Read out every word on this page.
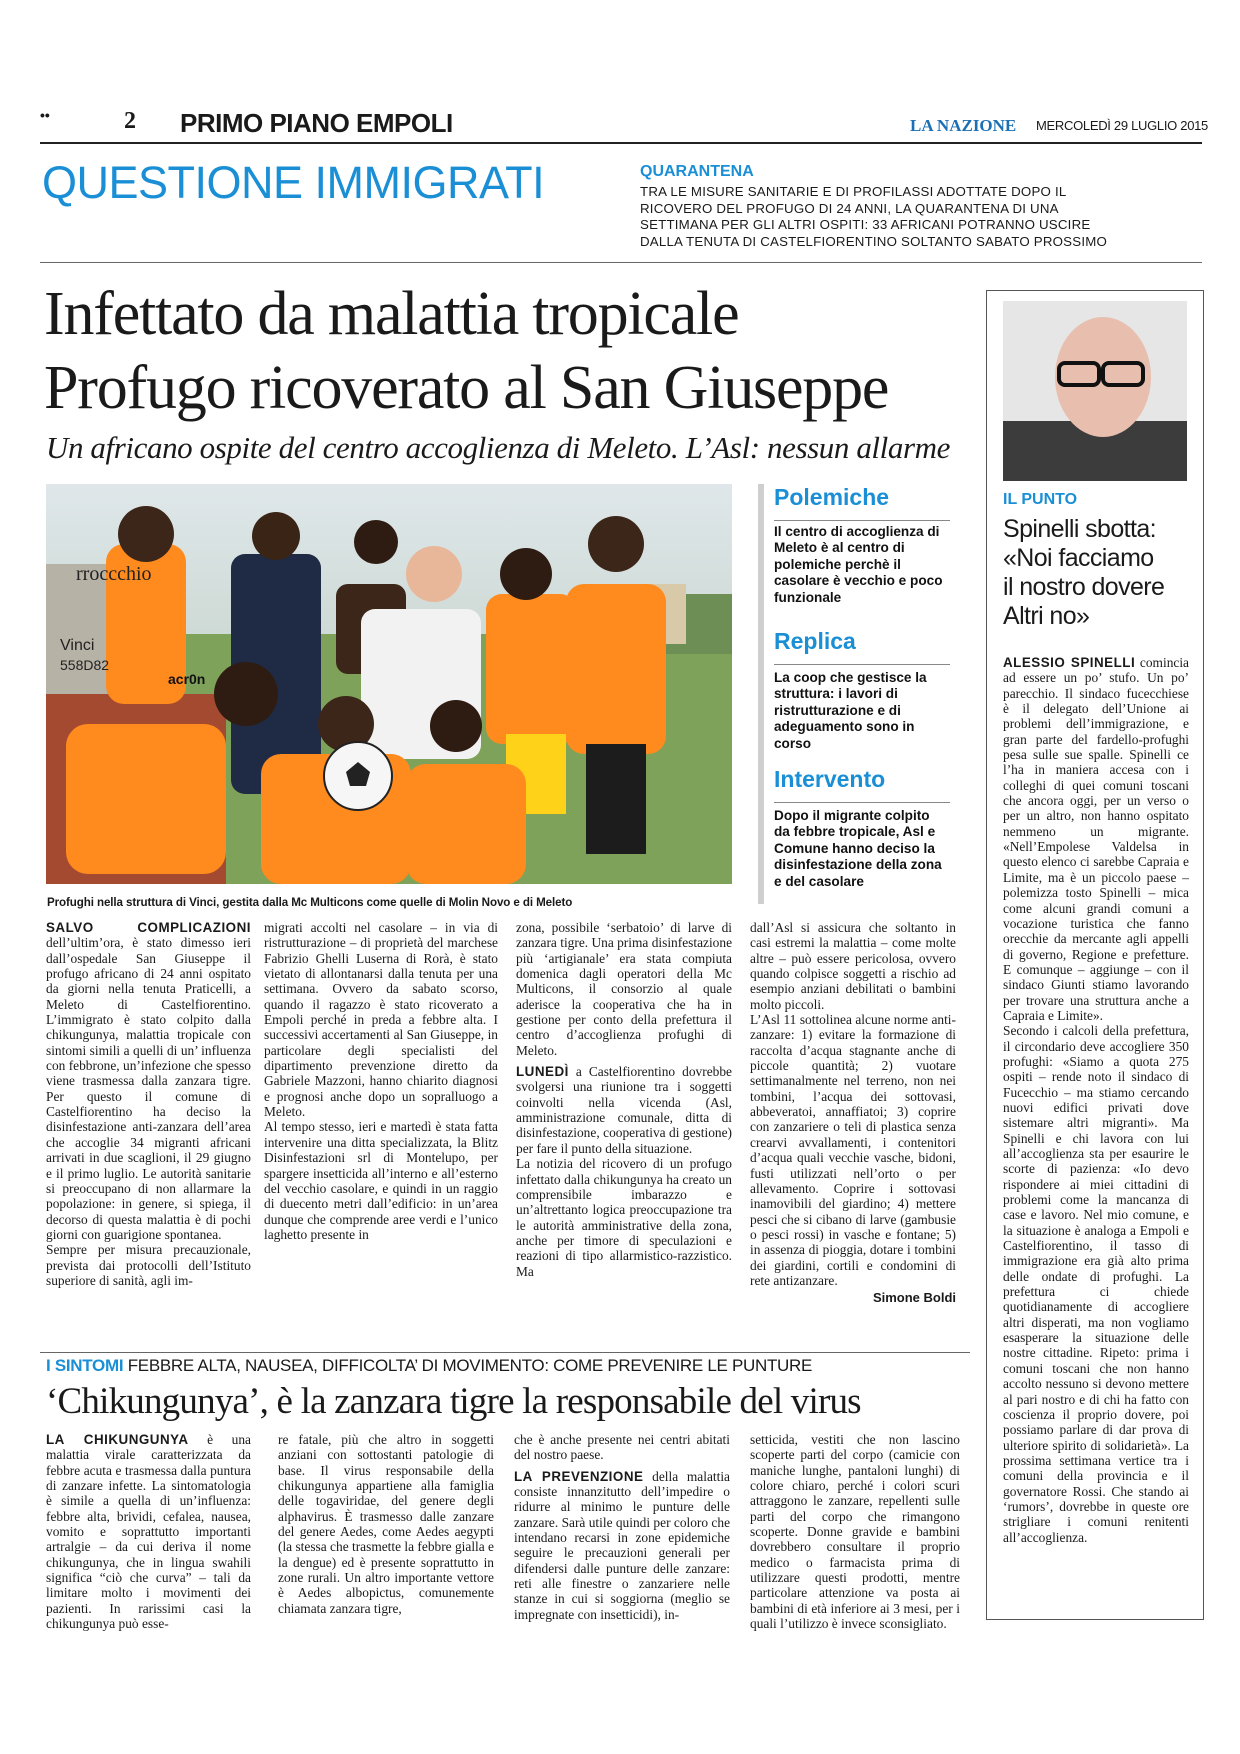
••	2 PRIMO PIANO EMPOLI	LA NAZIONE MERCOLEDÌ 29 LUGLIO 2015
QUESTIONE IMMIGRATI	QUARANTENA
TRA LE MISURE SANITARIE E DI PROFILASSI ADOTTATE DOPO IL
RICOVERO DEL PROFUGO DI 24 ANNI, LA QUARANTENA DI UNA
SETTIMANA PER GLI ALTRI OSPITI: 33 AFRICANI POTRANNO USCIRE
DALLA TENUTA DI CASTELFIORENTINO SOLTANTO SABATO PROSSIMO
Infettato da malattia tropicale
Profugo ricoverato al San Giuseppe
Un africano ospite del centro accoglienza di Meleto. L’Asl: nessun allarme
rroccchio
Vinci
558D82
acr0n
Profughi nella struttura di Vinci, gestita dalla Mc Multicons come quelle di Molin Novo e di Meleto
Polemiche
Il centro di accoglienza di Meleto è al centro di polemiche perchè il casolare è vecchio e poco funzionale
Replica
La coop che gestisce la struttura: i lavori di ristrutturazione e di adeguamento sono in corso
Intervento
Dopo il migrante colpito da febbre tropicale, Asl e Comune hanno deciso la disinfestazione della zona e del casolare

SALVO COMPLICAZIONI dell’ultim’ora, è stato dimesso ieri dall’ospedale San Giuseppe il profugo africano di 24 anni ospitato da giorni nella tenuta Praticelli, a Meleto di Castelfiorentino. L’immigrato è stato colpito dalla chikungunya, malattia tropicale con sintomi simili a quelli di un’ influenza con febbrone, un’infezione che spesso viene trasmessa dalla zanzara tigre. Per questo il comune di Castelfiorentino ha deciso la disinfestazione anti-zanzara dell’area che accoglie 34 migranti africani arrivati in due scaglioni, il 29 giugno e il primo luglio. Le autorità sanitarie si preoccupano di non allarmare la popolazione: in genere, si spiega, il decorso di questa malattia è di pochi giorni con guarigione spontanea.

Sempre per misura precauzionale, prevista dai protocolli dell’Istituto superiore di sanità, agli im-

migrati accolti nel casolare – in via di ristrutturazione – di proprietà del marchese Fabrizio Ghelli Luserna di Rorà, è stato vietato di allontanarsi dalla tenuta per una settimana. Ovvero da sabato scorso, quando il ragazzo è stato ricoverato a Empoli perché in preda a febbre alta. I successivi accertamenti al San Giuseppe, in particolare degli specialisti del dipartimento prevenzione diretto da Gabriele Mazzoni, hanno chiarito diagnosi e prognosi anche dopo un sopralluogo a Meleto.

Al tempo stesso, ieri e martedì è stata fatta intervenire una ditta specializzata, la Blitz Disinfestazioni srl di Montelupo, per spargere insetticida all’interno e all’esterno del vecchio casolare, e quindi in un raggio di duecento metri dall’edificio: in un’area dunque che comprende aree verdi e l’unico laghetto presente in

zona, possibile ‘serbatoio’ di larve di zanzara tigre. Una prima disinfestazione più ‘artigianale’ era stata compiuta domenica dagli operatori della Mc Multicons, il consorzio al quale aderisce la cooperativa che ha in gestione per conto della prefettura il centro d’accoglienza profughi di Meleto.

LUNEDÌ a Castelfiorentino dovrebbe svolgersi una riunione tra i soggetti coinvolti nella vicenda (Asl, amministrazione comunale, ditta di disinfestazione, cooperativa di gestione) per fare il punto della situazione.

La notizia del ricovero di un profugo infettato dalla chikungunya ha creato un comprensibile imbarazzo e un’altrettanto logica preoccupazione tra le autorità amministrative della zona, anche per timore di speculazioni e reazioni di tipo allarmistico-razzistico. Ma

dall’Asl si assicura che soltanto in casi estremi la malattia – come molte altre – può essere pericolosa, ovvero quando colpisce soggetti a rischio ad esempio anziani debilitati o bambini molto piccoli.

L’Asl 11 sottolinea alcune norme anti-zanzare: 1) evitare la formazione di raccolta d’acqua stagnante anche di piccole quantità; 2) vuotare settimanalmente nel terreno, non nei tombini, l’acqua dei sottovasi, abbeveratoi, annaffiatoi; 3) coprire con zanzariere o teli di plastica senza crearvi avvallamenti, i contenitori d’acqua quali vecchie vasche, bidoni, fusti utilizzati nell’orto o per allevamento. Coprire i sottovasi inamovibili del giardino; 4) mettere pesci che si cibano di larve (gambusie o pesci rossi) in vasche e fontane; 5) in assenza di pioggia, dotare i tombini dei giardini, cortili e condomini di rete antizanzare.

Simone Boldi

IL PUNTO
Spinelli sbotta:
«Noi facciamo
il nostro dovere
Altri no»

ALESSIO SPINELLI comincia ad essere un po’ stufo. Un po’ parecchio. Il sindaco fucecchiese è il delegato dell’Unione ai problemi dell’immigrazione, e gran parte del fardello-profughi pesa sulle sue spalle. Spinelli ce l’ha in maniera accesa con i colleghi di quei comuni toscani che ancora oggi, per un verso o per un altro, non hanno ospitato nemmeno un migrante. «Nell’Empolese Valdelsa in questo elenco ci sarebbe Capraia e Limite, ma è un piccolo paese – polemizza tosto Spinelli – mica come alcuni grandi comuni a vocazione turistica che fanno orecchie da mercante agli appelli di governo, Regione e prefetture. E comunque – aggiunge – con il sindaco Giunti stiamo lavorando per trovare una struttura anche a Capraia e Limite».

Secondo i calcoli della prefettura, il circondario deve accogliere 350 profughi: «Siamo a quota 275 ospiti – rende noto il sindaco di Fucecchio – ma stiamo cercando nuovi edifici privati dove sistemare altri migranti». Ma Spinelli e chi lavora con lui all’accoglienza sta per esaurire le scorte di pazienza: «Io devo rispondere ai miei cittadini di problemi come la mancanza di case e lavoro. Nel mio comune, e la situazione è analoga a Empoli e Castelfiorentino, il tasso di immigrazione era già alto prima delle ondate di profughi. La prefettura ci chiede quotidianamente di accogliere altri disperati, ma non vogliamo esasperare la situazione delle nostre cittadine. Ripeto: prima i comuni toscani che non hanno accolto nessuno si devono mettere al pari nostro e di chi ha fatto con coscienza il proprio dovere, poi possiamo parlare di dar prova di ulteriore spirito di solidarietà». La prossima settimana vertice tra i comuni della provincia e il governatore Rossi. Che stando ai ‘rumors’, dovrebbe in queste ore strigliare i comuni renitenti all’accoglienza.

I SINTOMI FEBBRE ALTA, NAUSEA, DIFFICOLTA’ DI MOVIMENTO: COME PREVENIRE LE PUNTURE
‘Chikungunya’, è la zanzara tigre la responsabile del virus

LA CHIKUNGUNYA è una malattia virale caratterizzata da febbre acuta e trasmessa dalla puntura di zanzare infette. La sintomatologia è simile a quella di un’influenza: febbre alta, brividi, cefalea, nausea, vomito e soprattutto importanti artralgie – da cui deriva il nome chikungunya, che in lingua swahili significa “ciò che curva” – tali da limitare molto i movimenti dei pazienti. In rarissimi casi la chikungunya può esse-

re fatale, più che altro in soggetti anziani con sottostanti patologie di base. Il virus responsabile della chikungunya appartiene alla famiglia delle togaviridae, del genere degli alphavirus. È trasmesso dalle zanzare del genere Aedes, come Aedes aegypti (la stessa che trasmette la febbre gialla e la dengue) ed è presente soprattutto in zone rurali. Un altro importante vettore è Aedes albopictus, comunemente chiamata zanzara tigre,

che è anche presente nei centri abitati del nostro paese.

LA PREVENZIONE della malattia consiste innanzitutto dell’impedire o ridurre al minimo le punture delle zanzare. Sarà utile quindi per coloro che intendano recarsi in zone epidemiche seguire le precauzioni generali per difendersi dalle punture delle zanzare: reti alle finestre o zanzariere nelle stanze in cui si soggiorna (meglio se impregnate con insetticidi), in-

setticida, vestiti che non lascino scoperte parti del corpo (camicie con maniche lunghe, pantaloni lunghi) di colore chiaro, perché i colori scuri attraggono le zanzare, repellenti sulle parti del corpo che rimangono scoperte. Donne gravide e bambini dovrebbero consultare il proprio medico o farmacista prima di utilizzare questi prodotti, mentre particolare attenzione va posta ai bambini di età inferiore ai 3 mesi, per i quali l’utilizzo è invece sconsigliato.
